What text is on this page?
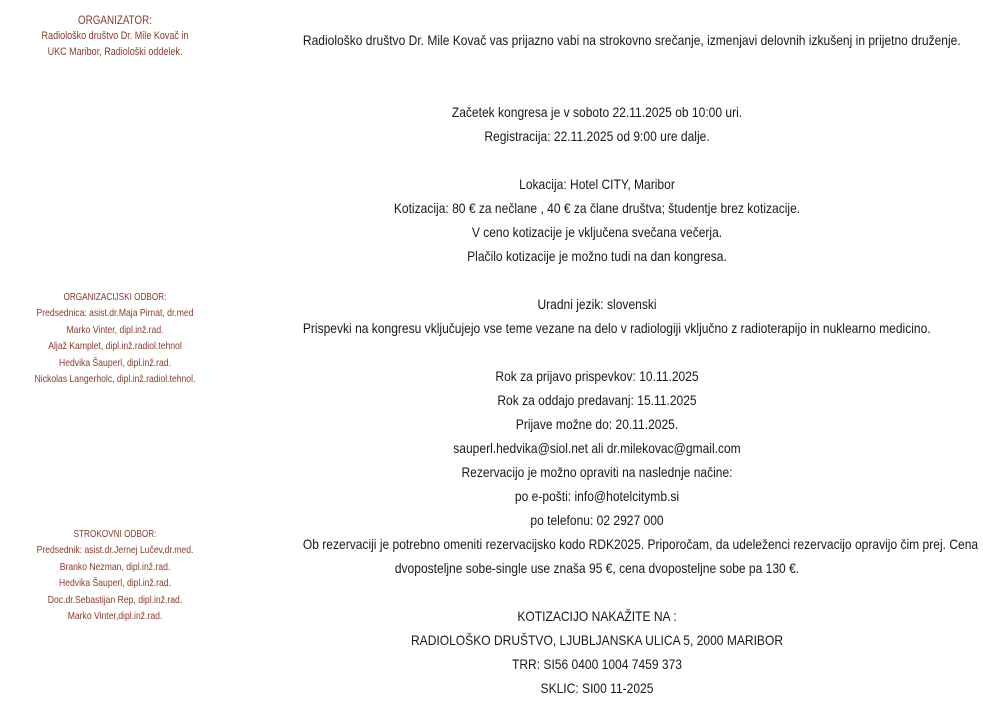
ORGANIZATOR:
Radiološko društvo Dr. Mile Kovač in
UKC Maribor, Radiološki oddelek.
ORGANIZACIJSKI ODBOR:
Predsednica: asist.dr.Maja Pirnat, dr.med
Marko Vinter, dipl.inž.rad.
Aljaž Kamplet, dipl.inž.radiol.tehnol
Hedvika Šauperl, dipl.inž.rad.
Nickolas Langerholc, dipl.inž.radiol.tehnol.
STROKOVNI ODBOR:
Predsednik: asist.dr.Jernej Lučev,dr.med.
Branko Nezman, dipl.inž.rad.
Hedvika Šauperl, dipl.inž.rad.
Doc.dr.Sebastijan Rep, dipl.inž.rad.
Marko Vinter,dipl.inž.rad.
Radiološko društvo Dr. Mile Kovač vas prijazno vabi na strokovno srečanje, izmenjavi delovnih izkušenj in prijetno druženje.
Začetek kongresa je v soboto 22.11.2025 ob 10:00 uri.
Registracija: 22.11.2025 od 9:00 ure dalje.
Lokacija: Hotel CITY, Maribor
Kotizacija: 80 € za nečlane , 40 € za člane društva; študentje brez kotizacije.
V ceno kotizacije je vključena svečana večerja.
Plačilo kotizacije je možno tudi na dan kongresa.
Uradni jezik: slovenski
Prispevki na kongresu vključujejo vse teme vezane na delo v radiologiji vključno z radioterapijo in nuklearno medicino.
Rok za prijavo prispevkov: 10.11.2025
Rok za oddajo predavanj: 15.11.2025
Prijave možne do: 20.11.2025.
sauperl.hedvika@siol.net ali dr.milekovac@gmail.com
Rezervacijo je možno opraviti na naslednje načine:
po e-pošti: info@hotelcitymb.si
po telefonu: 02 2927 000
Ob rezervaciji je potrebno omeniti rezervacijsko kodo RDK2025. Priporočam, da udeleženci rezervacijo opravijo čim prej. Cena
dvoposteljne sobe-single use znaša 95 €, cena dvoposteljne sobe pa 130 €.
KOTIZACIJO NAKAŽITE NA :
RADIOLOŠKO DRUŠTVO, LJUBLJANSKA ULICA 5, 2000 MARIBOR
TRR: SI56 0400 1004 7459 373
SKLIC: SI00 11-2025
